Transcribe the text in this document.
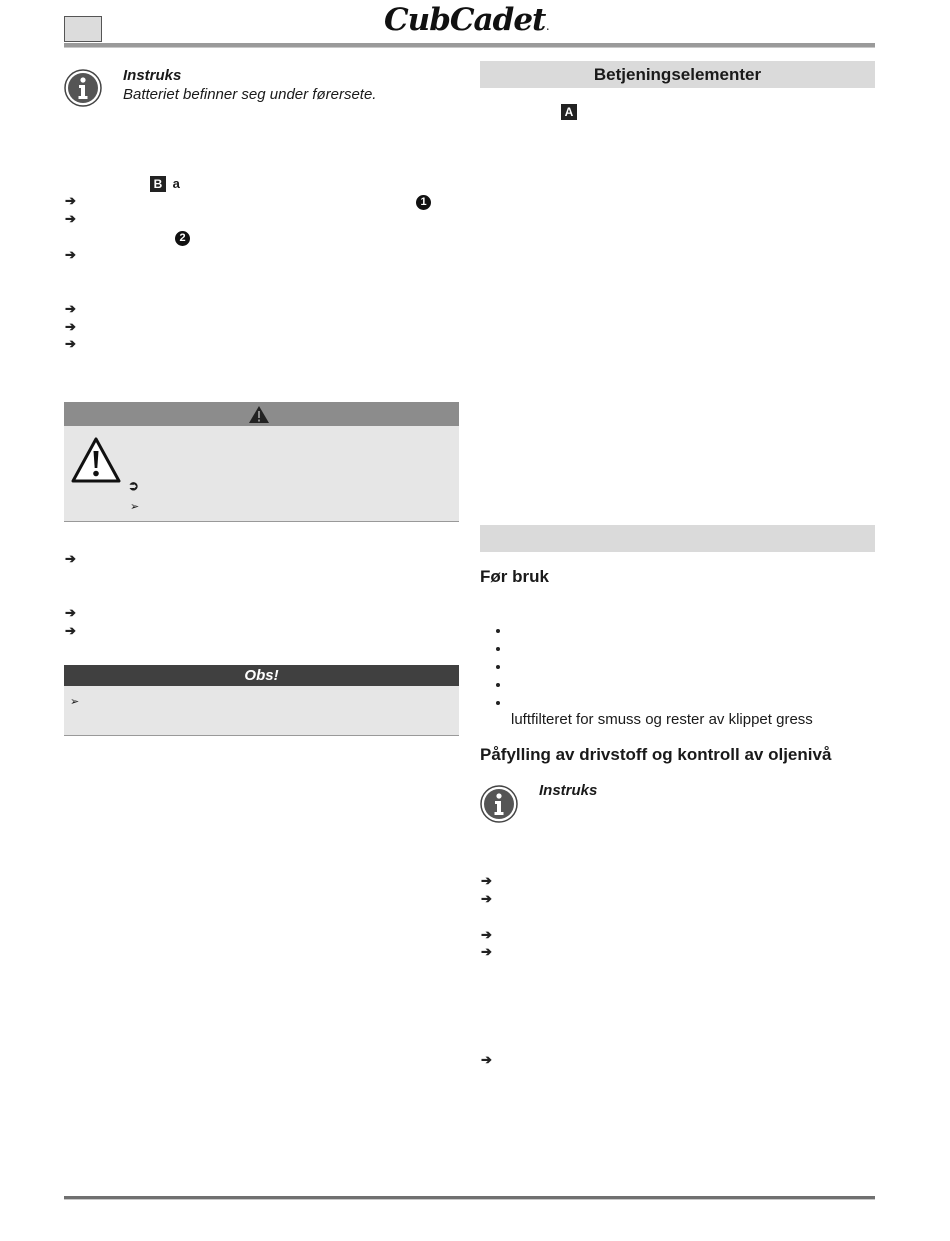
CubCadet.
Instruks
Batteriet befinner seg under førersete.
B a
➔	1
➔
2
➔
➔
➔
➔
➲
➢
➔
➔
➔
Obs!
➢
Betjeningselementer
A
Før bruk
luftfilteret for smuss og rester av klippet gress
Påfylling av drivstoff og kontroll av oljenivå
Instruks
➔
➔
➔
➔
➔
